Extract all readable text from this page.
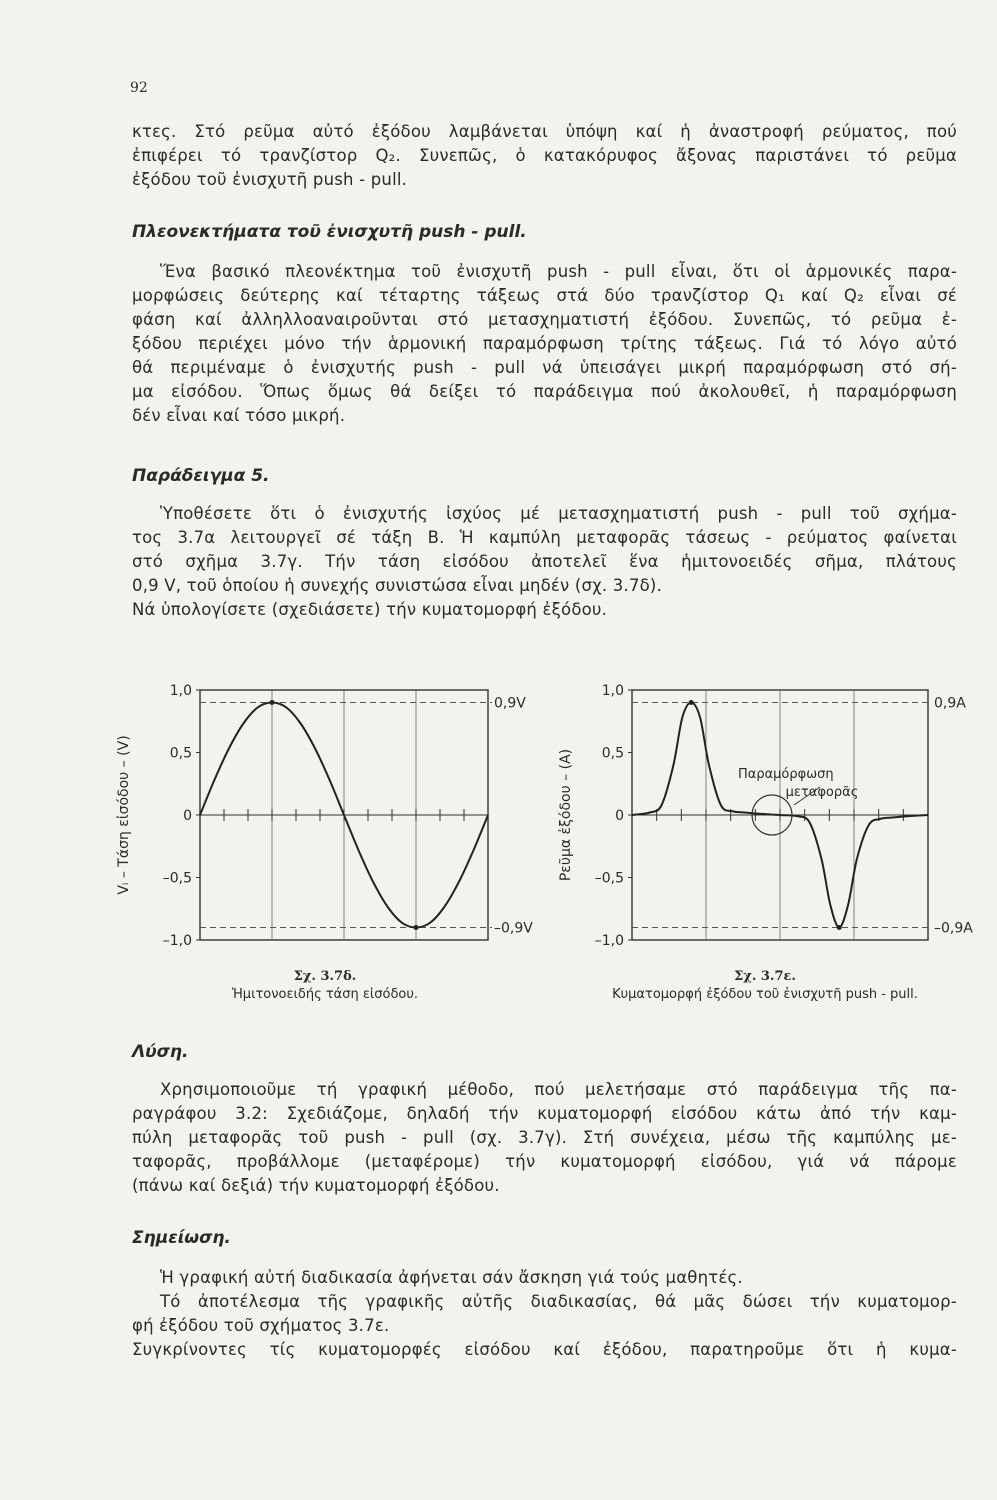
92

κτες. Στό ρεῦμα αὐτό ἐξόδου λαμβάνεται ὑπόψη καί ἡ ἀναστροφή ρεύματος, πού

ἐπιφέρει τό τρανζίστορ Q₂. Συνεπῶς, ὁ κατακόρυφος ἄξονας παριστάνει τό ρεῦμα

ἐξόδου τοῦ ἐνισχυτῆ push - pull.

Πλεονεκτήματα τοῦ ἐνισχυτῆ push - pull.

Ἕνα βασικό πλεονέκτημα τοῦ ἐνισχυτῆ push - pull εἶναι, ὅτι οἱ ἁρμονικές παρα-

μορφώσεις δεύτερης καί τέταρτης τάξεως στά δύο τρανζίστορ Q₁ καί Q₂ εἶναι σέ

φάση καί ἀλληλλοαναιροῦνται στό μετασχηματιστή ἐξόδου. Συνεπῶς, τό ρεῦμα ἐ-

ξόδου περιέχει μόνο τήν ἁρμονική παραμόρφωση τρίτης τάξεως. Γιά τό λόγο αὐτό

θά περιμέναμε ὁ ἐνισχυτής push - pull νά ὑπεισάγει μικρή παραμόρφωση στό σή-

μα εἰσόδου. Ὅπως ὅμως θά δείξει τό παράδειγμα πού ἀκολουθεῖ, ἡ παραμόρφωση

δέν εἶναι καί τόσο μικρή.

Παράδειγμα 5.

Ὑποθέσετε ὅτι ὁ ἐνισχυτής ἰσχύος μέ μετασχηματιστή push - pull τοῦ σχήμα-

τος 3.7α λειτουργεῖ σέ τάξη Β. Ἡ καμπύλη μεταφορᾶς τάσεως - ρεύματος φαίνεται

στό σχῆμα 3.7γ. Τήν τάση εἰσόδου ἀποτελεῖ ἕνα ἡμιτονοειδές σῆμα, πλάτους

0,9 V, τοῦ ὁποίου ἡ συνεχής συνιστώσα εἶναι μηδέν (σχ. 3.7δ).

Νά ὑπολογίσετε (σχεδιάσετε) τήν κυματομορφή ἐξόδου.

0,9V
–0,9V
1,0
0,5
0
–0,5
–1,0
Vᵢ – Τάση εἰσόδου – (V)
Σχ. 3.7δ.
Ἡμιτονοειδής τάση εἰσόδου.
0,9A
–0,9A
1,0
0,5
0
–0,5
–1,0
Ρεῦμα ἐξόδου – (A)	Παραμόρφωση
μεταφορᾶς
Σχ. 3.7ε.
Κυματομορφή ἐξόδου τοῦ ἐνισχυτῆ push - pull.
Λύση.

Χρησιμοποιοῦμε τή γραφική μέθοδο, πού μελετήσαμε στό παράδειγμα τῆς πα-

ραγράφου 3.2: Σχεδιάζομε, δηλαδή τήν κυματομορφή εἰσόδου κάτω ἀπό τήν καμ-

πύλη μεταφορᾶς τοῦ push - pull (σχ. 3.7γ). Στή συνέχεια, μέσω τῆς καμπύλης με-

ταφορᾶς, προβάλλομε (μεταφέρομε) τήν κυματομορφή εἰσόδου, γιά νά πάρομε

(πάνω καί δεξιά) τήν κυματομορφή ἐξόδου.

Σημείωση.

Ἡ γραφική αὐτή διαδικασία ἀφήνεται σάν ἄσκηση γιά τούς μαθητές.

Τό ἀποτέλεσμα τῆς γραφικῆς αὐτῆς διαδικασίας, θά μᾶς δώσει τήν κυματομορ-

φή ἐξόδου τοῦ σχήματος 3.7ε.

Συγκρίνοντες τίς κυματομορφές εἰσόδου καί ἐξόδου, παρατηροῦμε ὅτι ἡ κυμα-
